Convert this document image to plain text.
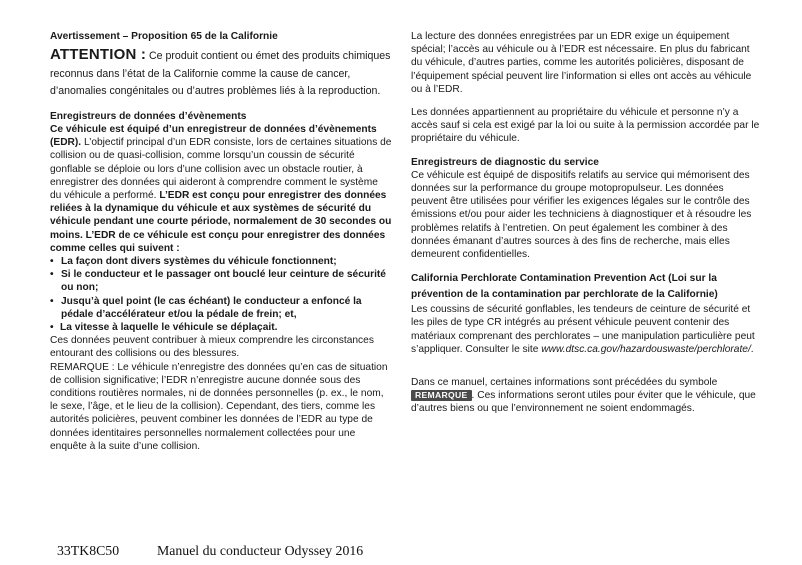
Avertissement – Proposition 65 de la Californie

ATTENTION : Ce produit contient ou émet des produits chimiques reconnus dans l’état de la Californie comme la cause de cancer, d’anomalies congénitales ou d’autres problèmes liés à la reproduction.

Enregistreurs de données d’évènements

Ce véhicule est équipé d’un enregistreur de données d’évènements (EDR). L’objectif principal d’un EDR consiste, lors de certaines situations de collision ou de quasi-collision, comme lorsqu’un coussin de sécurité gonflable se déploie ou lors d’une collision avec un obstacle routier, à enregistrer des données qui aideront à comprendre comment le système du véhicule a performé. L’EDR est conçu pour enregistrer des données reliées à la dynamique du véhicule et aux systèmes de sécurité du véhicule pendant une courte période, normalement de 30 secondes ou moins. L’EDR de ce véhicule est conçu pour enregistrer des données comme celles qui suivent :

• La façon dont divers systèmes du véhicule fonctionnent;
• Si le conducteur et le passager ont bouclé leur ceinture de sécurité ou non;
• Jusqu’à quel point (le cas échéant) le conducteur a enfoncé la pédale d’accélérateur et/ou la pédale de frein; et,
• La vitesse à laquelle le véhicule se déplaçait.

Ces données peuvent contribuer à mieux comprendre les circonstances entourant des collisions ou des blessures.

REMARQUE : Le véhicule n’enregistre des données qu’en cas de situation de collision significative; l’EDR n’enregistre aucune donnée sous des conditions routières normales, ni de données personnelles (p. ex., le nom, le sexe, l’âge, et le lieu de la collision). Cependant, des tiers, comme les autorités policières, peuvent combiner les données de l’EDR au type de données identitaires personnelles normalement collectées pour une enquête à la suite d’une collision.

La lecture des données enregistrées par un EDR exige un équipement spécial; l’accès au véhicule ou à l’EDR est nécessaire. En plus du fabricant du véhicule, d’autres parties, comme les autorités policières, disposant de l’équipement spécial peuvent lire l’information si elles ont accès au véhicule ou à l’EDR.

Les données appartiennent au propriétaire du véhicule et personne n’y a accès sauf si cela est exigé par la loi ou suite à la permission accordée par le propriétaire du véhicule.

Enregistreurs de diagnostic du service

Ce véhicule est équipé de dispositifs relatifs au service qui mémorisent des données sur la performance du groupe motopropulseur. Les données peuvent être utilisées pour vérifier les exigences légales sur le contrôle des émissions et/ou pour aider les techniciens à diagnostiquer et à résoudre les problèmes relatifs à l’entretien. On peut également les combiner à des données émanant d’autres sources à des fins de recherche, mais elles demeurent confidentielles.

California Perchlorate Contamination Prevention Act (Loi sur la prévention de la contamination par perchlorate de la Californie)

Les coussins de sécurité gonflables, les tendeurs de ceinture de sécurité et les piles de type CR intégrés au présent véhicule peuvent contenir des matériaux comprenant des perchlorates – une manipulation particulière peut s’appliquer. Consulter le site www.dtsc.ca.gov/hazardouswaste/perchlorate/.

Dans ce manuel, certaines informations sont précédées du symbole REMARQUE . Ces informations seront utiles pour éviter que le véhicule, que d’autres biens ou que l’environnement ne soient endommagés.

33TK8C50	Manuel du conducteur Odyssey 2016
